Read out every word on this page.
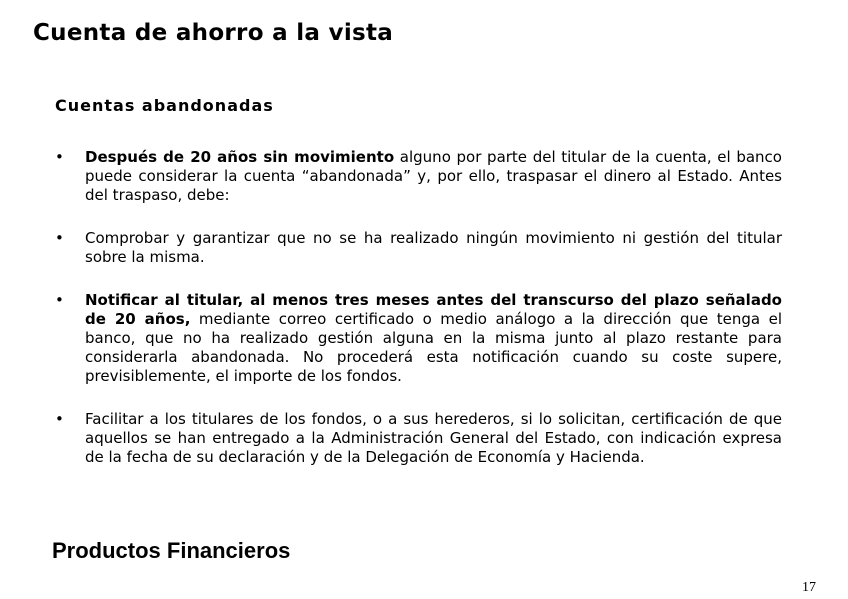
Cuenta de ahorro a la vista
Cuentas abandonadas
• Después de 20 años sin movimiento alguno por parte del titular de la cuenta, el banco puede considerar la cuenta “abandonada” y, por ello, traspasar el dinero al Estado. Antes del traspaso, debe:
• Comprobar y garantizar que no se ha realizado ningún movimiento ni gestión del titular sobre la misma.
• Notificar al titular, al menos tres meses antes del transcurso del plazo señalado de 20 años, mediante correo certificado o medio análogo a la dirección que tenga el banco, que no ha realizado gestión alguna en la misma junto al plazo restante para considerarla abandonada. No procederá esta notificación cuando su coste supere, previsiblemente, el importe de los fondos.
• Facilitar a los titulares de los fondos, o a sus herederos, si lo solicitan, certificación de que aquellos se han entregado a la Administración General del Estado, con indicación expresa de la fecha de su declaración y de la Delegación de Economía y Hacienda.
Productos Financieros
17
